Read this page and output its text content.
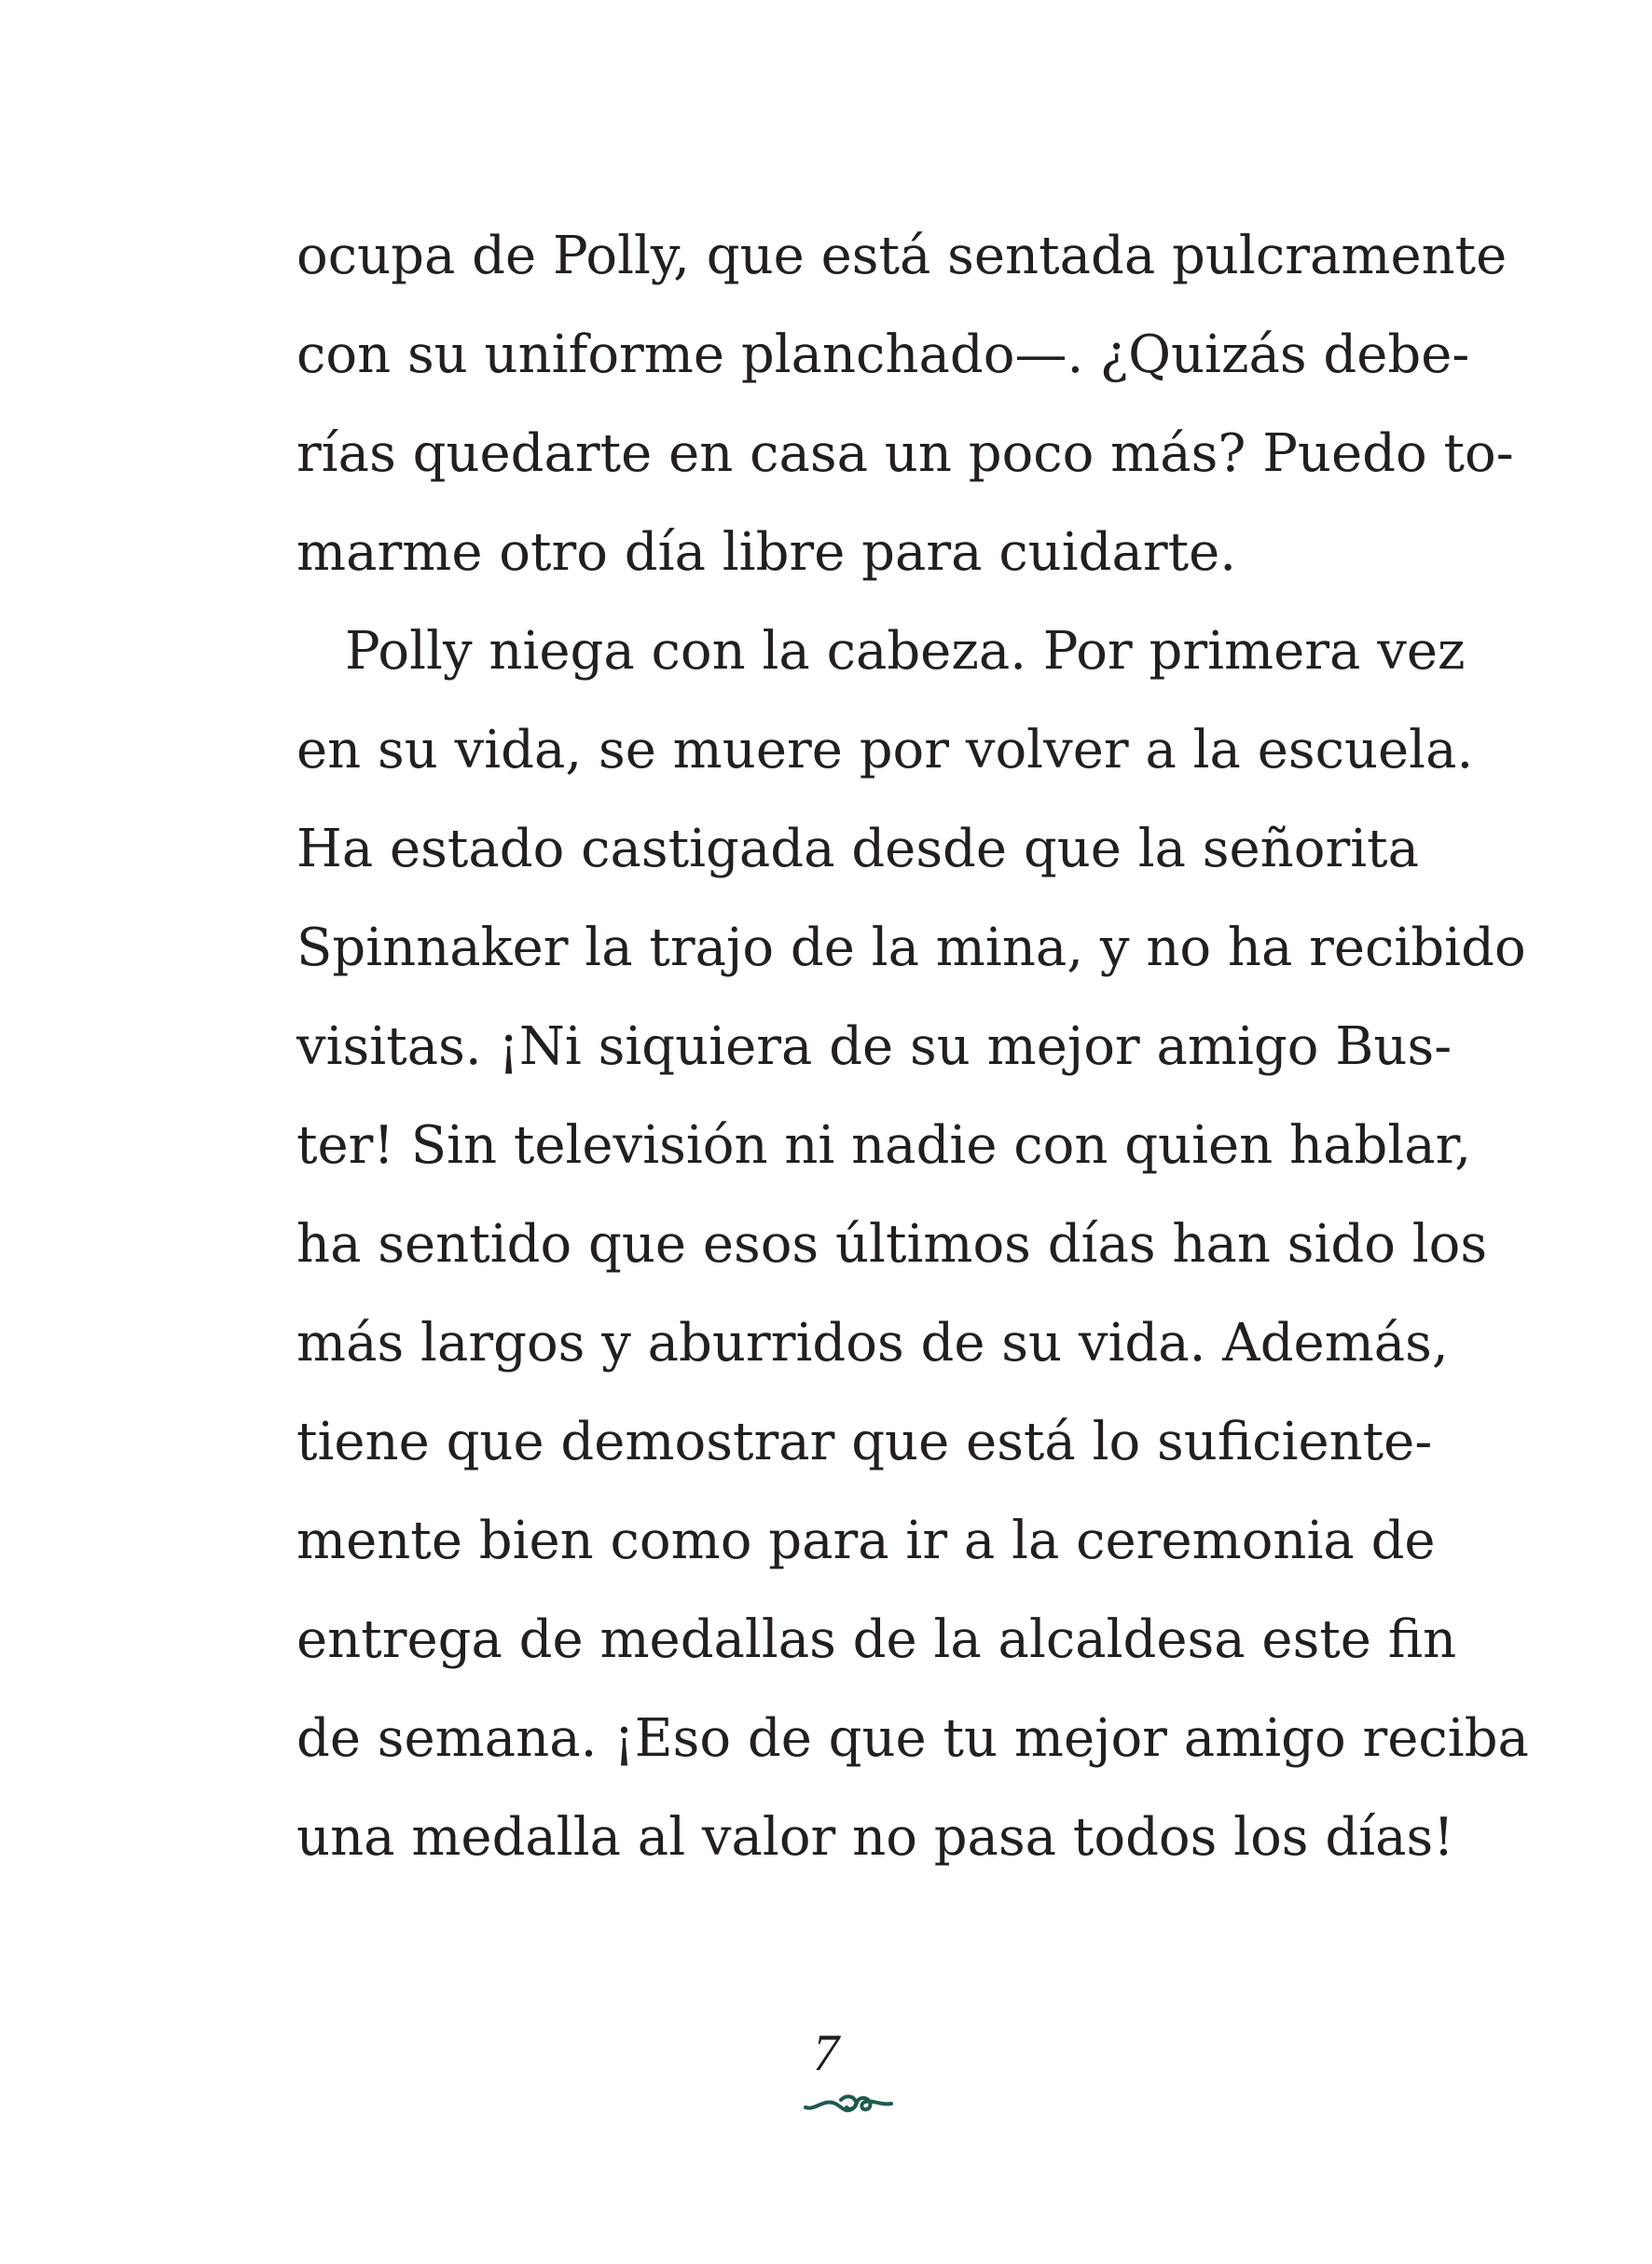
ocupa de Polly, que está sentada pulcramente
con su uniforme planchado—. ¿Quizás debe-
rías quedarte en casa un poco más? Puedo to-
marme otro día libre para cuidarte.
Polly niega con la cabeza. Por primera vez
en su vida, se muere por volver a la escuela.
Ha estado castigada desde que la señorita
Spinnaker la trajo de la mina, y no ha recibido
visitas. ¡Ni siquiera de su mejor amigo Bus-
ter! Sin televisión ni nadie con quien hablar,
ha sentido que esos últimos días han sido los
más largos y aburridos de su vida. Además,
tiene que demostrar que está lo suficiente-
mente bien como para ir a la ceremonia de
entrega de medallas de la alcaldesa este fin
de semana. ¡Eso de que tu mejor amigo reciba
una medalla al valor no pasa todos los días!
7
